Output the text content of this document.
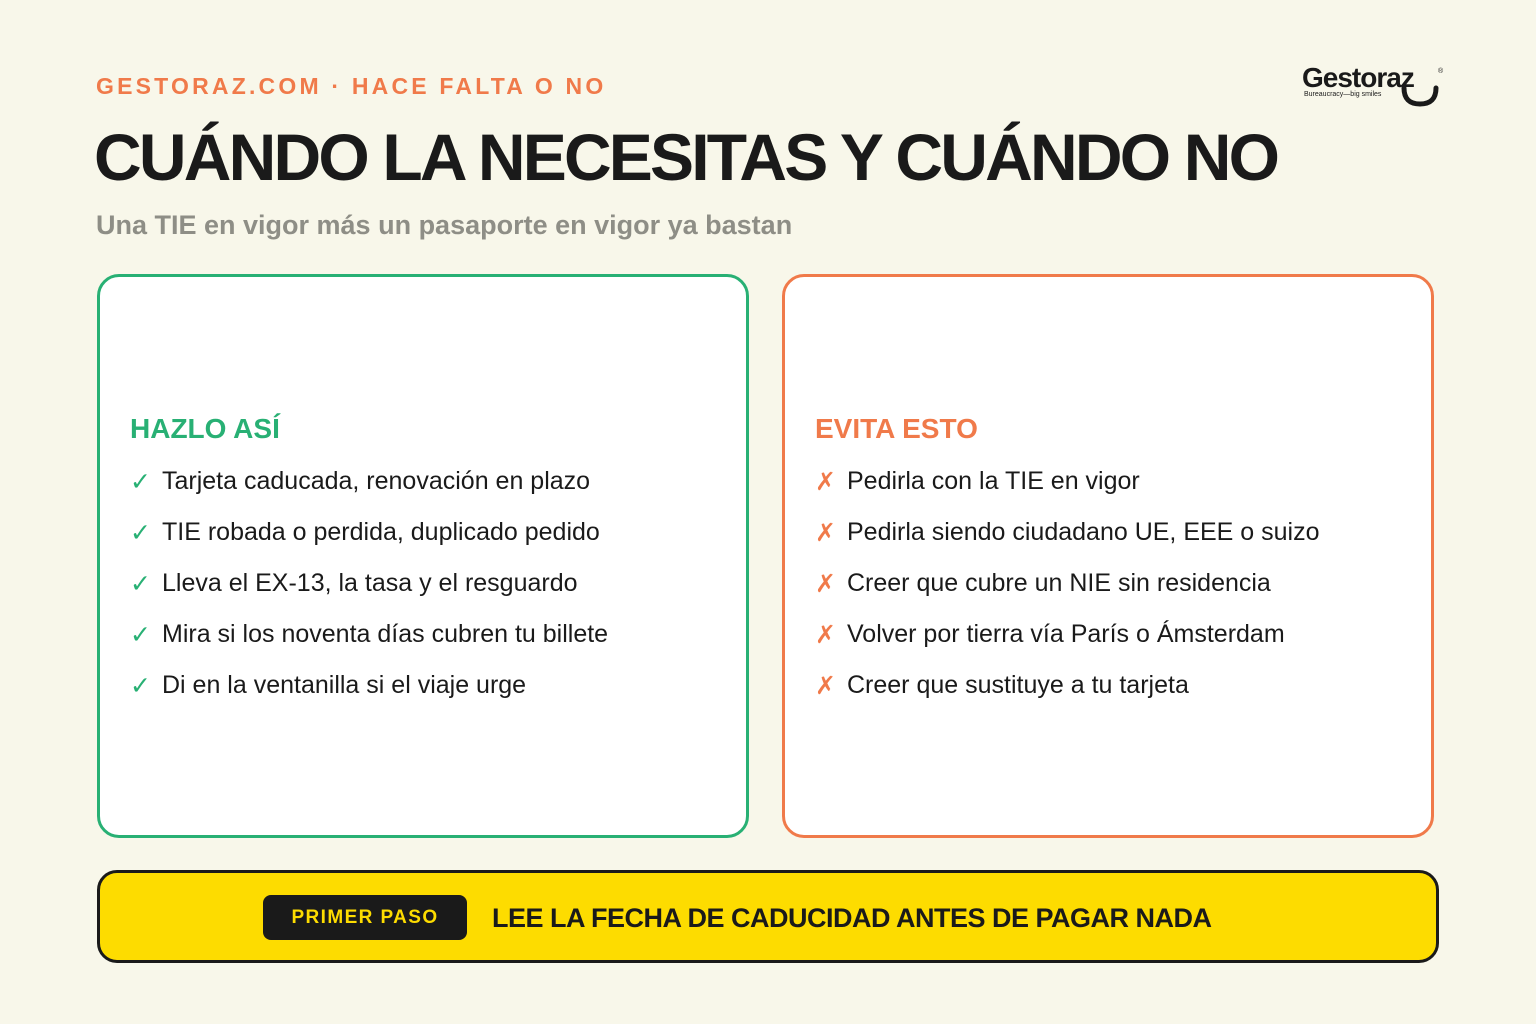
GESTORAZ.COM · HACE FALTA O NO	Gestoraz	®
Bureaucracy—big smiles
CUÁNDO LA NECESITAS Y CUÁNDO NO
Una TIE en vigor más un pasaporte en vigor ya bastan
HAZLO ASÍ
✓ Tarjeta caducada, renovación en plazo
✓ TIE robada o perdida, duplicado pedido
✓ Lleva el EX-13, la tasa y el resguardo
✓ Mira si los noventa días cubren tu billete
✓ Di en la ventanilla si el viaje urge
EVITA ESTO
✗ Pedirla con la TIE en vigor
✗ Pedirla siendo ciudadano UE, EEE o suizo
✗ Creer que cubre un NIE sin residencia
✗ Volver por tierra vía París o Ámsterdam
✗ Creer que sustituye a tu tarjeta
PRIMER PASO	LEE LA FECHA DE CADUCIDAD ANTES DE PAGAR NADA
